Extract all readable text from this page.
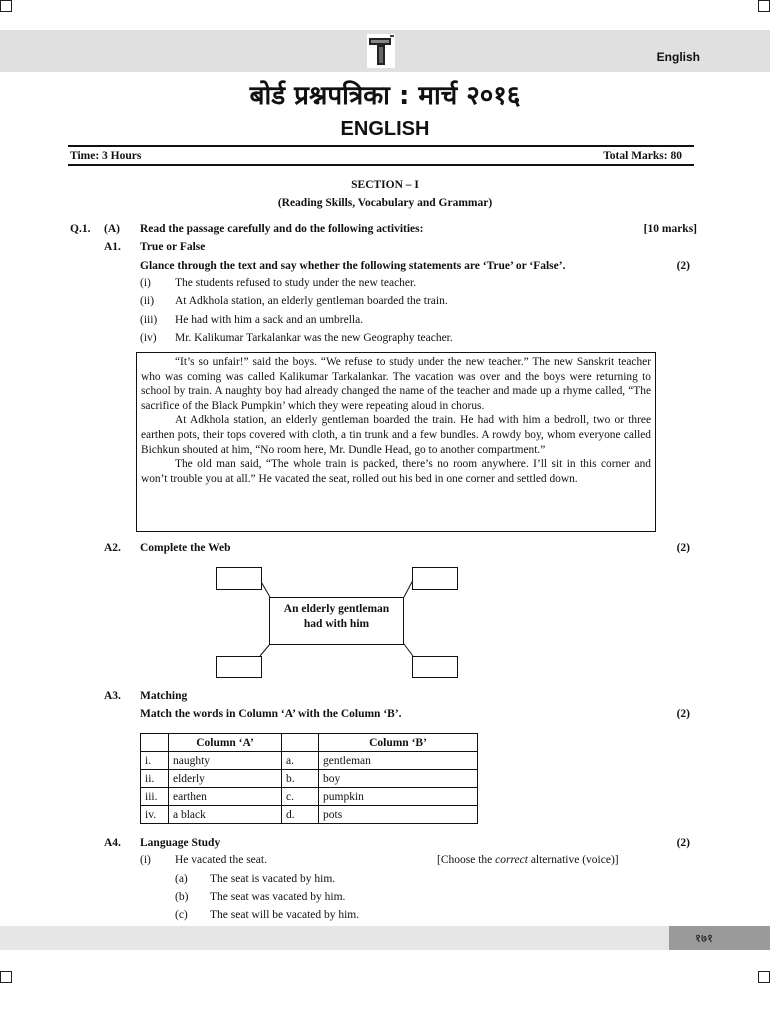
English
बोर्ड प्रश्नपत्रिका : मार्च २०१६
ENGLISH
Time: 3 Hours	Total Marks: 80
SECTION – I
(Reading Skills, Vocabulary and Grammar)
Q.1. (A) Read the passage carefully and do the following activities:	[10 marks]
A1. True or False
Glance through the text and say whether the following statements are ‘True’ or ‘False’.	(2)
(i) The students refused to study under the new teacher.
(ii) At Adkhola station, an elderly gentleman boarded the train.
(iii) He had with him a sack and an umbrella.
(iv) Mr. Kalikumar Tarkalankar was the new Geography teacher.

“It’s so unfair!” said the boys. “We refuse to study under the new teacher.” The new Sanskrit teacher who was coming was called Kalikumar Tarkalankar. The vacation was over and the boys were returning to school by train. A naughty boy had already changed the name of the teacher and made up a rhyme called, “The sacrifice of the Black Pumpkin’ which they were repeating aloud in chorus.

At Adkhola station, an elderly gentleman boarded the train. He had with him a bedroll, two or three earthen pots, their tops covered with cloth, a tin trunk and a few bundles. A rowdy boy, whom everyone called Bichkun shouted at him, “No room here, Mr. Dundle Head, go to another compartment.”

The old man said, “The whole train is packed, there’s no room anywhere. I’ll sit in this corner and won’t trouble you at all.” He vacated the seat, rolled out his bed in one corner and settled down.

A2. Complete the Web	(2)
An elderly gentleman had with him
A3. Matching
Match the words in Column ‘A’ with the Column ‘B’.	(2)
	Column ‘A’		Column ‘B’
i.	naughty	a.	gentleman
ii.	elderly	b.	boy
iii.	earthen	c.	pumpkin
iv.	a black	d.	pots
A4. Language Study	(2)
(i) He vacated the seat.	[Choose the correct alternative (voice)]
(a) The seat is vacated by him.
(b) The seat was vacated by him.
(c) The seat will be vacated by him.
१७१
